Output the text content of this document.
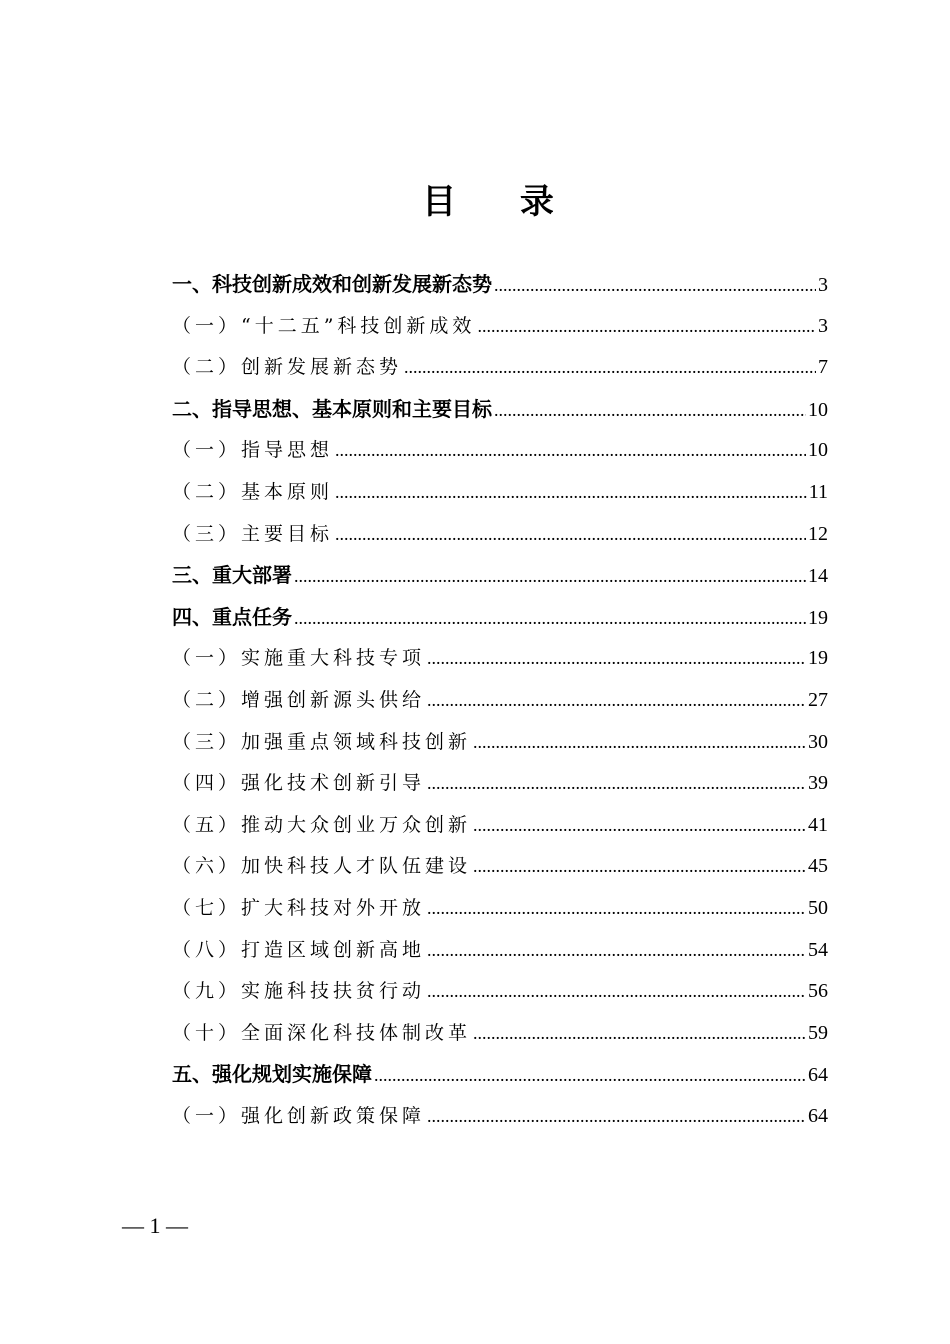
目 录
一、科技创新成效和创新发展新态势 .....	3
（一）“十二五”科技创新成效 .....	3
（二）创新发展新态势 .....	7
二、指导思想、基本原则和主要目标 .....	10
（一）指导思想 .....	10
（二）基本原则 .....	11
（三）主要目标 .....	12
三、重大部署 .....	14
四、重点任务 .....	19
（一）实施重大科技专项 .....	19
（二）增强创新源头供给 .....	27
（三）加强重点领域科技创新 .....	30
（四）强化技术创新引导 .....	39
（五）推动大众创业万众创新 .....	41
（六）加快科技人才队伍建设 .....	45
（七）扩大科技对外开放 .....	50
（八）打造区域创新高地 .....	54
（九）实施科技扶贫行动 .....	56
（十）全面深化科技体制改革 .....	59
五、强化规划实施保障 .....	64
（一）强化创新政策保障 .....	64
— 1 —
